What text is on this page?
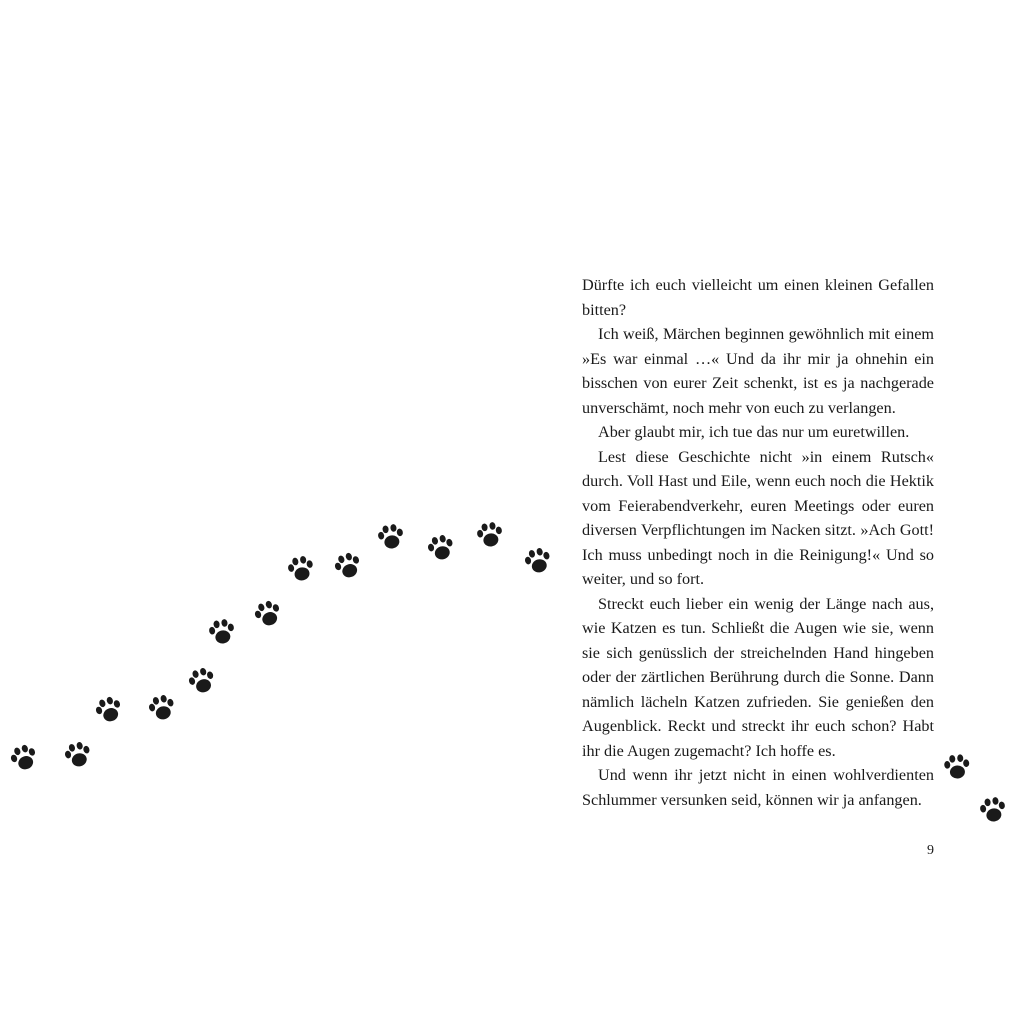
Dürfte ich euch vielleicht um einen kleinen Gefallen bitten?

Ich weiß, Märchen beginnen gewöhnlich mit einem »Es war einmal …« Und da ihr mir ja ohnehin ein bisschen von eurer Zeit schenkt, ist es ja nachgerade unverschämt, noch mehr von euch zu verlangen.

Aber glaubt mir, ich tue das nur um euretwillen.

Lest diese Geschichte nicht »in einem Rutsch« durch. Voll Hast und Eile, wenn euch noch die Hektik vom Feierabendverkehr, euren Meetings oder euren diversen Verpflichtungen im Nacken sitzt. »Ach Gott! Ich muss unbedingt noch in die Reinigung!« Und so weiter, und so fort.

Streckt euch lieber ein wenig der Länge nach aus, wie Katzen es tun. Schließt die Augen wie sie, wenn sie sich genüsslich der streichelnden Hand hingeben oder der zärtlichen Berührung durch die Sonne. Dann nämlich lächeln Katzen zufrieden. Sie genießen den Augenblick. Reckt und streckt ihr euch schon? Habt ihr die Augen zugemacht? Ich hoffe es.

Und wenn ihr jetzt nicht in einen wohlverdienten Schlummer versunken seid, können wir ja anfangen.

9
